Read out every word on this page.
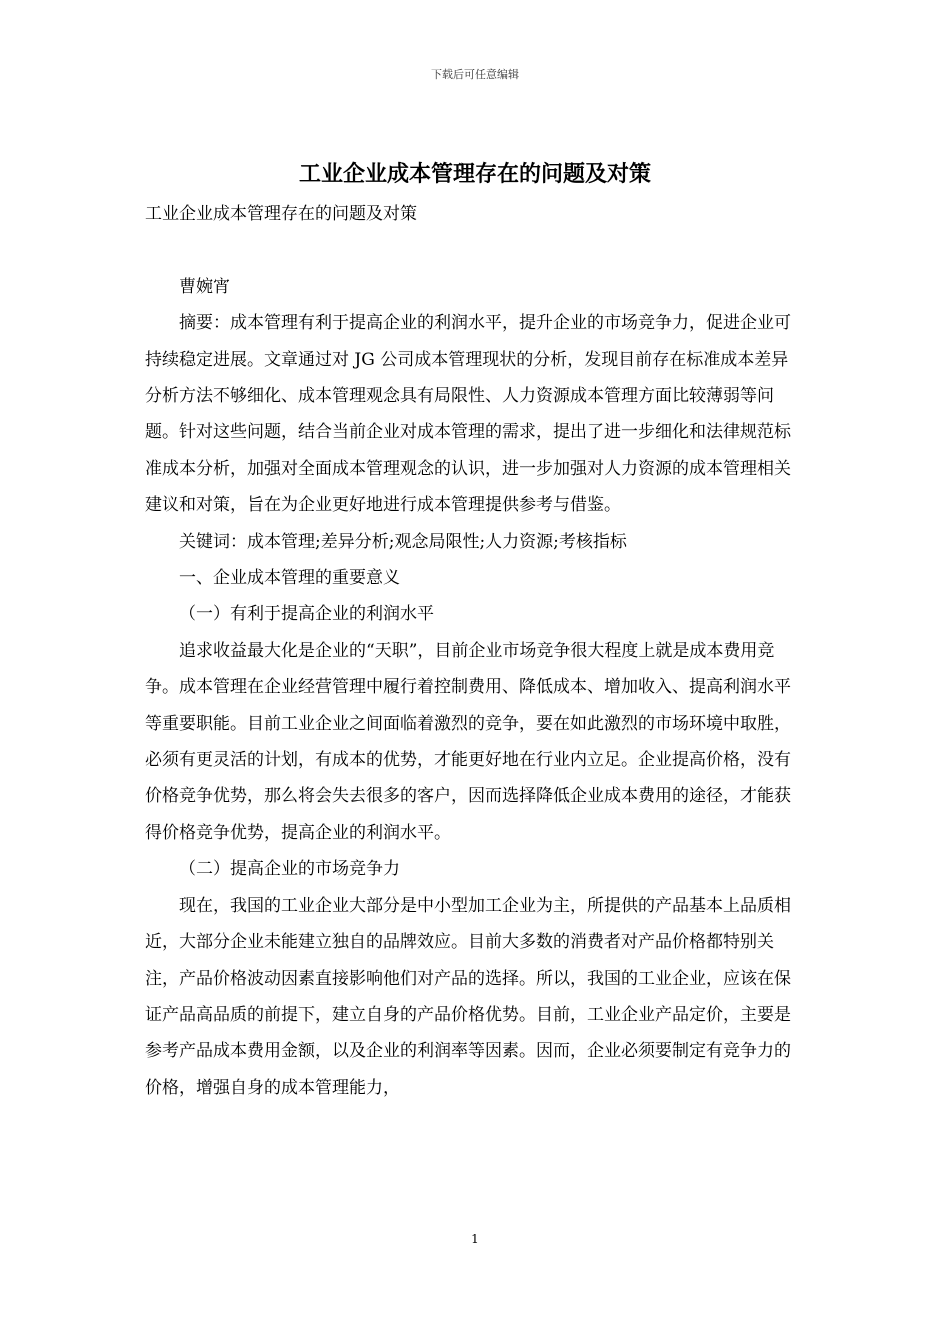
下载后可任意编辑
工业企业成本管理存在的问题及对策

工业企业成本管理存在的问题及对策

曹婉宵

摘要：成本管理有利于提高企业的利润水平，提升企业的市场竞争力，促进企业可持续稳定进展。文章通过对 JG 公司成本管理现状的分析，发现目前存在标准成本差异分析方法不够细化、成本管理观念具有局限性、人力资源成本管理方面比较薄弱等问题。针对这些问题，结合当前企业对成本管理的需求，提出了进一步细化和法律规范标准成本分析，加强对全面成本管理观念的认识，进一步加强对人力资源的成本管理相关建议和对策，旨在为企业更好地进行成本管理提供参考与借鉴。

关键词：成本管理;差异分析;观念局限性;人力资源;考核指标

一、企业成本管理的重要意义

（一）有利于提高企业的利润水平

追求收益最大化是企业的“天职”，目前企业市场竞争很大程度上就是成本费用竞争。成本管理在企业经营管理中履行着控制费用、降低成本、增加收入、提高利润水平等重要职能。目前工业企业之间面临着激烈的竞争，要在如此激烈的市场环境中取胜，必须有更灵活的计划，有成本的优势，才能更好地在行业内立足。企业提高价格，没有价格竞争优势，那么将会失去很多的客户，因而选择降低企业成本费用的途径，才能获得价格竞争优势，提高企业的利润水平。

（二）提高企业的市场竞争力

现在，我国的工业企业大部分是中小型加工企业为主，所提供的产品基本上品质相近，大部分企业未能建立独自的品牌效应。目前大多数的消费者对产品价格都特别关注，产品价格波动因素直接影响他们对产品的选择。所以，我国的工业企业，应该在保证产品高品质的前提下，建立自身的产品价格优势。目前，工业企业产品定价，主要是参考产品成本费用金额，以及企业的利润率等因素。因而，企业必须要制定有竞争力的价格，增强自身的成本管理能力，

1
